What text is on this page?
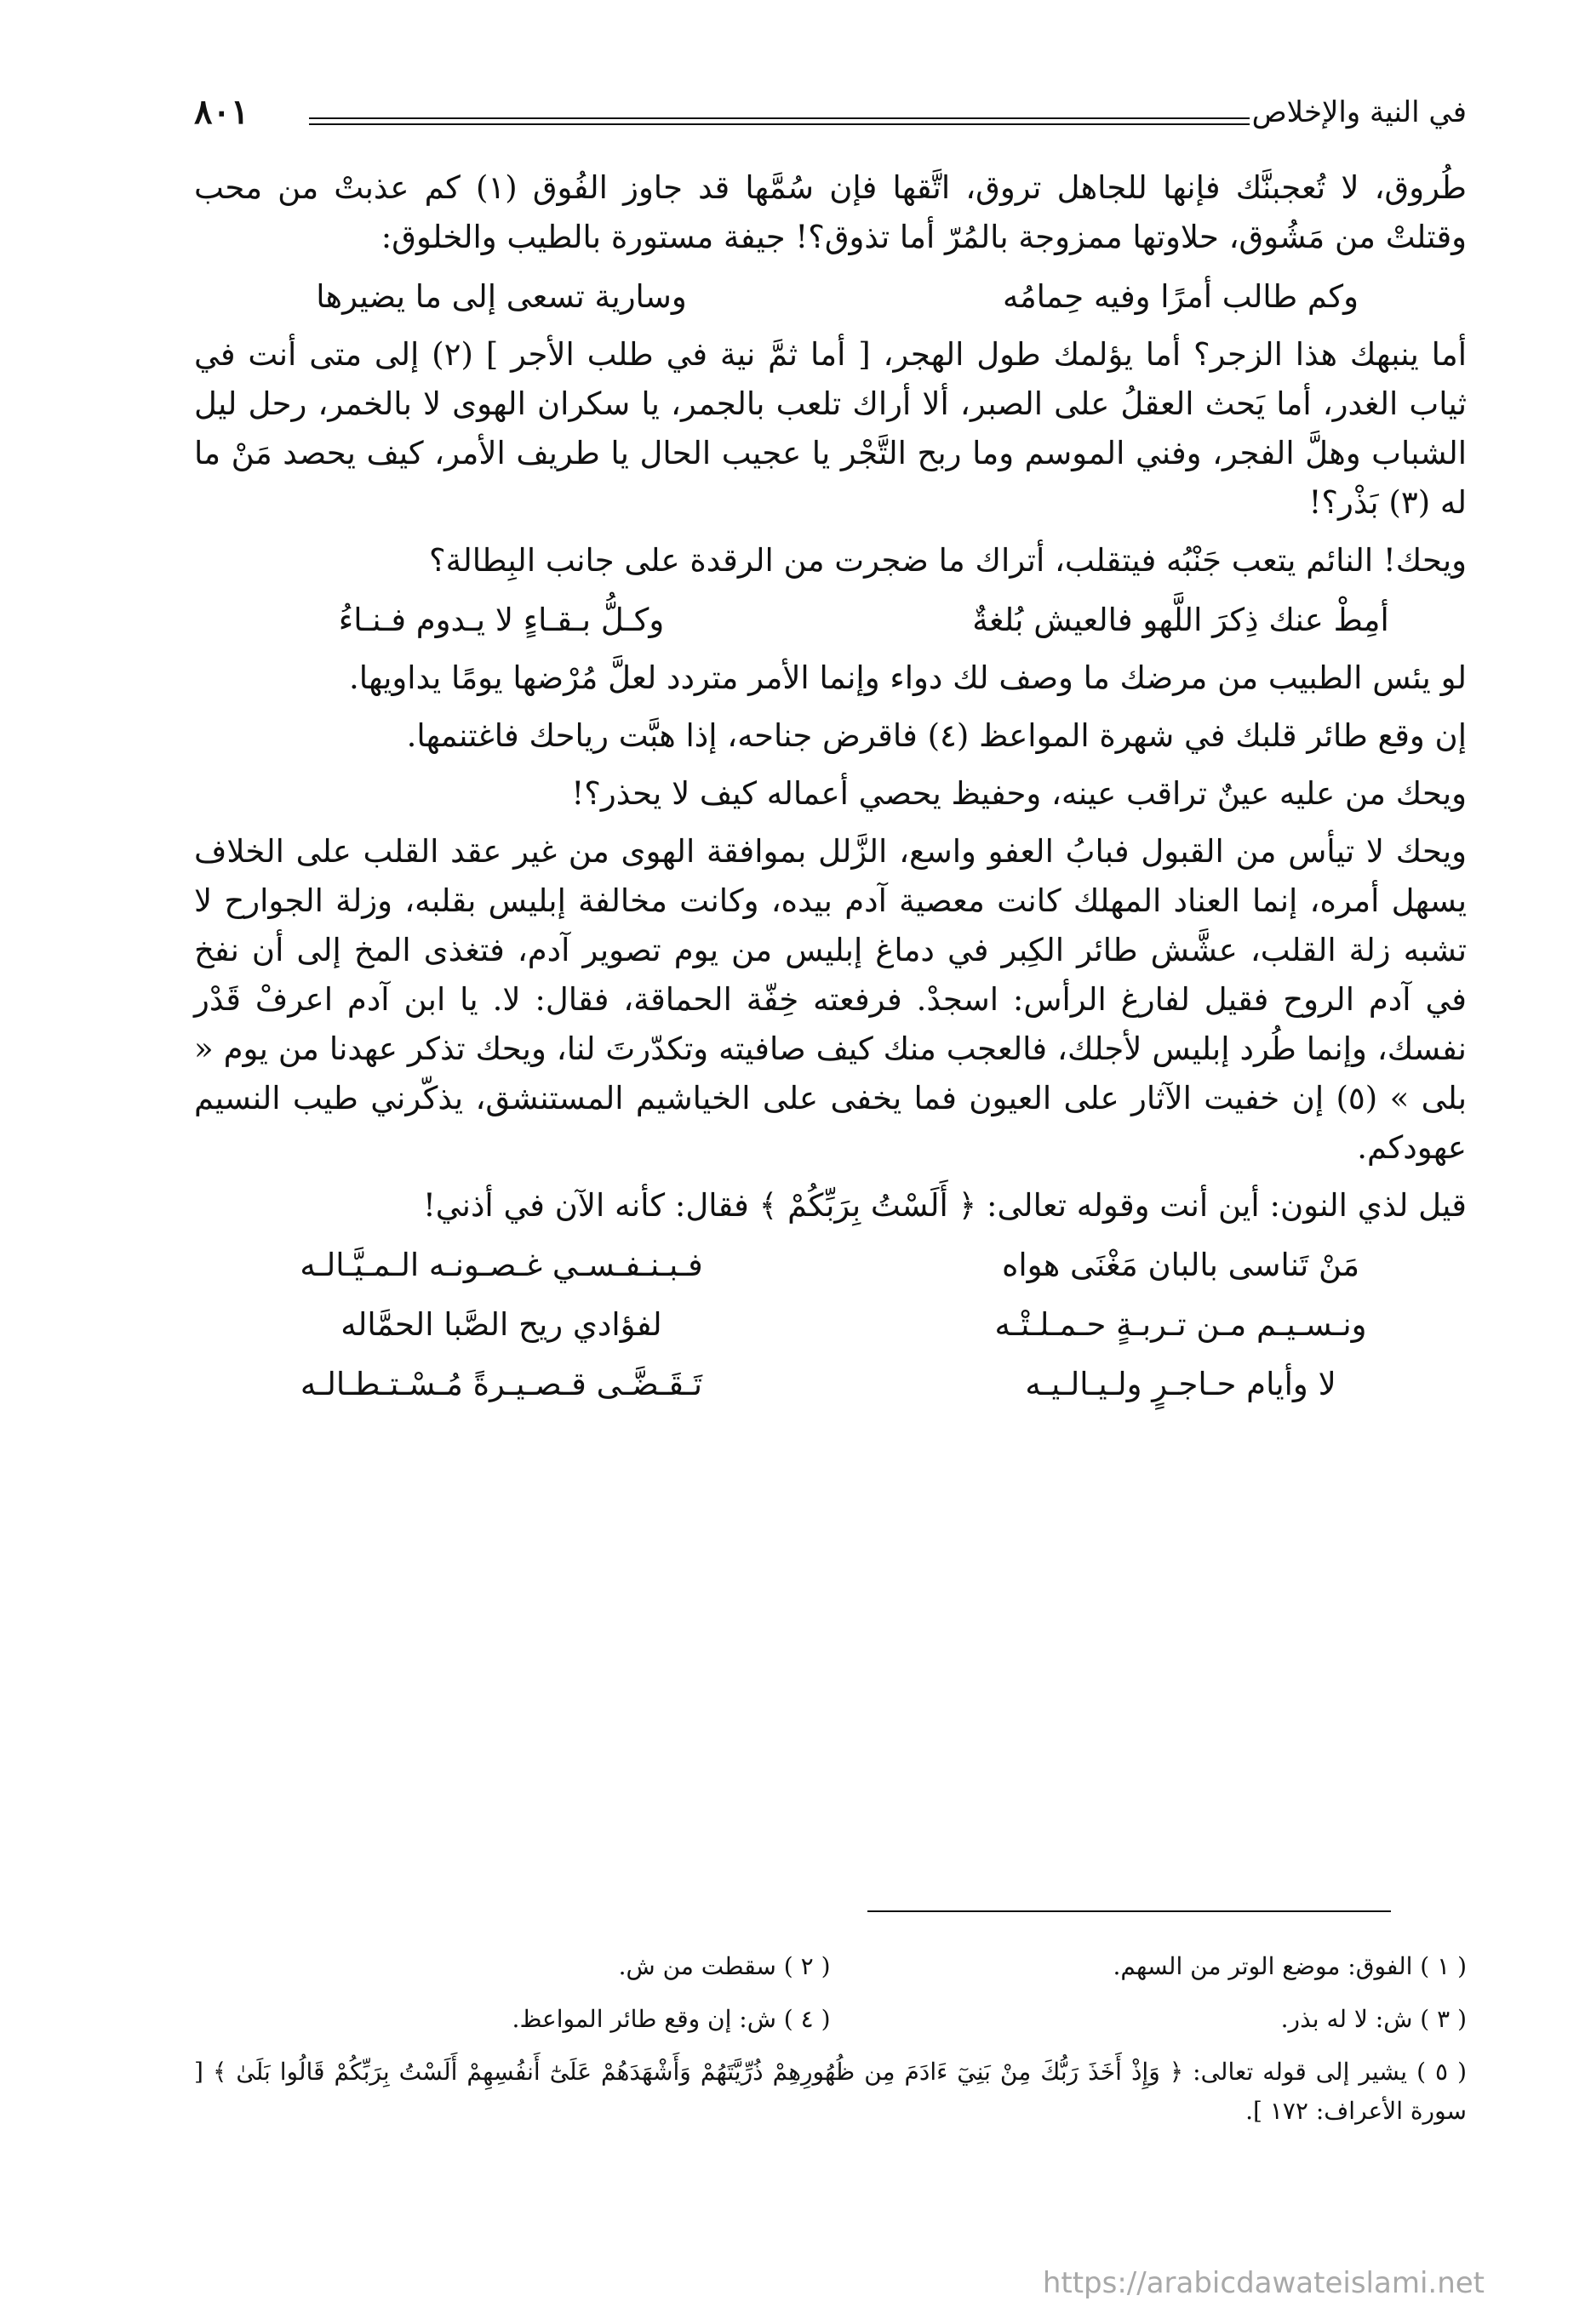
في النية والإخلاص
٨٠١

طُروق، لا تُعجبنَّك فإنها للجاهل تروق، اتَّقها فإن سُمَّها قد جاوز الفُوق (١) كم عذبتْ من محب وقتلتْ من مَشُوق، حلاوتها ممزوجة بالمُرّ أما تذوق؟! جيفة مستورة بالطيب والخلوق:

وكم طالب أمرًا وفيه حِمامُه
وسارية تسعى إلى ما يضيرها

أما ينبهك هذا الزجر؟ أما يؤلمك طول الهجر، [ أما ثمَّ نية في طلب الأجر ] (٢) إلى متى أنت في ثياب الغدر، أما يَحث العقلُ على الصبر، ألا أراك تلعب بالجمر، يا سكران الهوى لا بالخمر، رحل ليل الشباب وهلَّ الفجر، وفني الموسم وما ربح التَّجْر يا عجيب الحال يا طريف الأمر، كيف يحصد مَنْ ما له (٣) بَذْر؟!

ويحك! النائم يتعب جَنْبُه فيتقلب، أتراك ما ضجرت من الرقدة على جانب البِطالة؟

أمِطْ عنك ذِكرَ اللَّهو فالعيش بُلغةٌ
وكـلُّ بـقـاءٍ لا يـدوم فـنـاءُ

لو يئس الطبيب من مرضك ما وصف لك دواء وإنما الأمر متردد لعلَّ مُرْضها يومًا يداويها.

إن وقع طائر قلبك في شهرة المواعظ (٤) فاقرض جناحه، إذا هبَّت رياحك فاغتنمها.

ويحك من عليه عينٌ تراقب عينه، وحفيظ يحصي أعماله كيف لا يحذر؟!

ويحك لا تيأس من القبول فبابُ العفو واسع، الزَّلل بموافقة الهوى من غير عقد القلب على الخلاف يسهل أمره، إنما العناد المهلك كانت معصية آدم بيده، وكانت مخالفة إبليس بقلبه، وزلة الجوارح لا تشبه زلة القلب، عشَّش طائر الكِبر في دماغ إبليس من يوم تصوير آدم، فتغذى المخ إلى أن نفخ في آدم الروح فقيل لفارغ الرأس: اسجدْ. فرفعته خِفّة الحماقة، فقال: لا. يا ابن آدم اعرفْ قَدْر نفسك، وإنما طُرد إبليس لأجلك، فالعجب منك كيف صافيته وتكدّرتَ لنا، ويحك تذكر عهدنا من يوم « بلى » (٥) إن خفيت الآثار على العيون فما يخفى على الخياشيم المستنشق، يذكّرني طيب النسيم عهودكم.

قيل لذي النون: أين أنت وقوله تعالى: ﴿ أَلَسْتُ بِرَبِّكُمْ ﴾ فقال: كأنه الآن في أذني!

مَنْ تَناسى بالبان مَغْنَى هواه
فـبـنـفـسـي غـصـونـه الـمـيَّـالـه
ونـسـيـم مـن تـربـةٍ حـمـلـتْـه
لفؤادي ريح الصَّبا الحمَّاله
لا وأيام حـاجـرٍ ولـيـالـيـه
تَـقَـضَّـى قـصـيـرةً مُـسْـتـطـالـه
( ١ ) الفوق: موضع الوتر من السهم.
( ٢ ) سقطت من ش.
( ٣ ) ش: لا له بذر.
( ٤ ) ش: إن وقع طائر المواعظ.
( ٥ ) يشير إلى قوله تعالى: ﴿ وَإِذْ أَخَذَ رَبُّكَ مِنْ بَنِيٓ ءَادَمَ مِن ظُهُورِهِمْ ذُرِّيَّتَهُمْ وَأَشْهَدَهُمْ عَلَىٰٓ أَنفُسِهِمْ أَلَسْتُ بِرَبِّكُمْ قَالُوا بَلَىٰ ﴾ [ سورة الأعراف: ١٧٢ ].
https://arabicdawateislami.net
